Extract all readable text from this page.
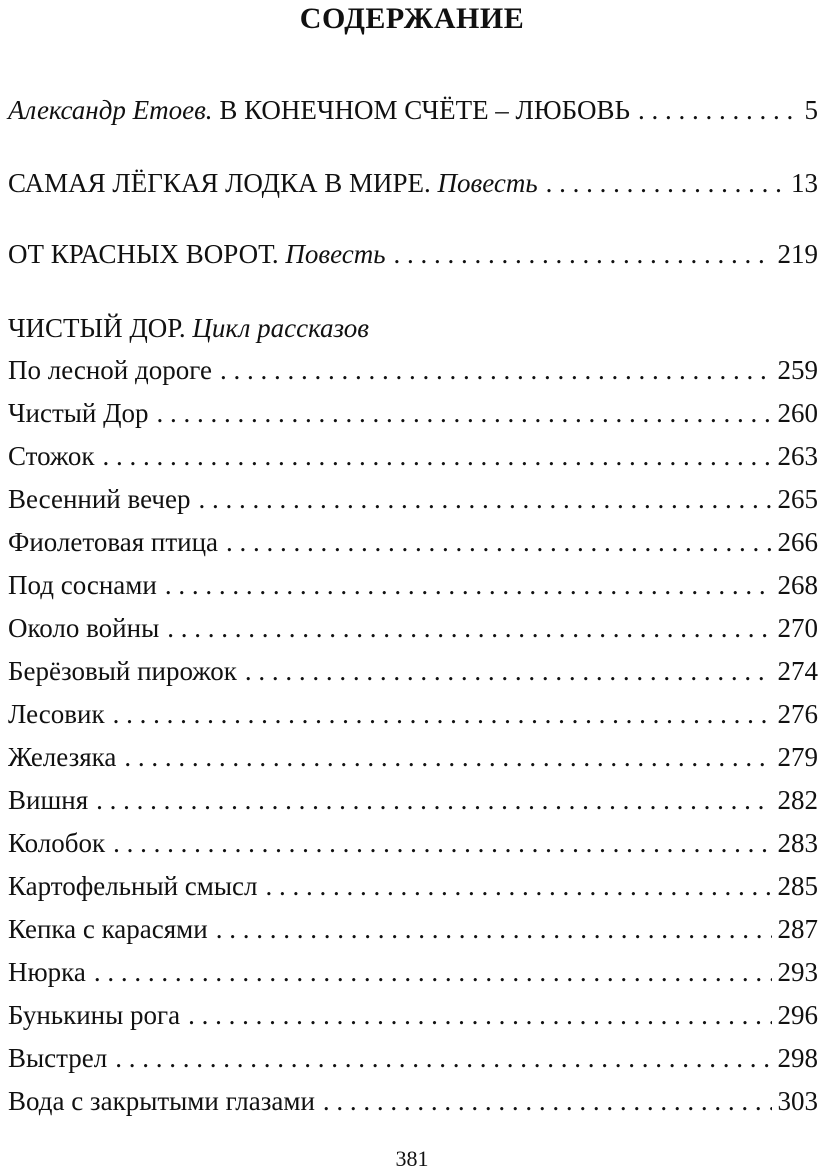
СОДЕРЖАНИЕ
Александр Етоев. В КОНЕЧНОМ СЧЁТЕ – ЛЮБОВЬ . . .	5
САМАЯ ЛЁГКАЯ ЛОДКА В МИРЕ. Повесть . . .	13
ОТ КРАСНЫХ ВОРОТ. Повесть . . .	219
ЧИСТЫЙ ДОР. Цикл рассказов
По лесной дороге . . .	259
Чистый Дор . . .	260
Стожок . . .	263
Весенний вечер . . .	265
Фиолетовая птица . . .	266
Под соснами . . .	268
Около войны . . .	270
Берёзовый пирожок . . .	274
Лесовик . . .	276
Железяка . . .	279
Вишня . . .	282
Колобок . . .	283
Картофельный смысл . . .	285
Кепка с карасями . . .	287
Нюрка . . .	293
Бунькины рога . . .	296
Выстрел . . .	298
Вода с закрытыми глазами . . .	303
381
